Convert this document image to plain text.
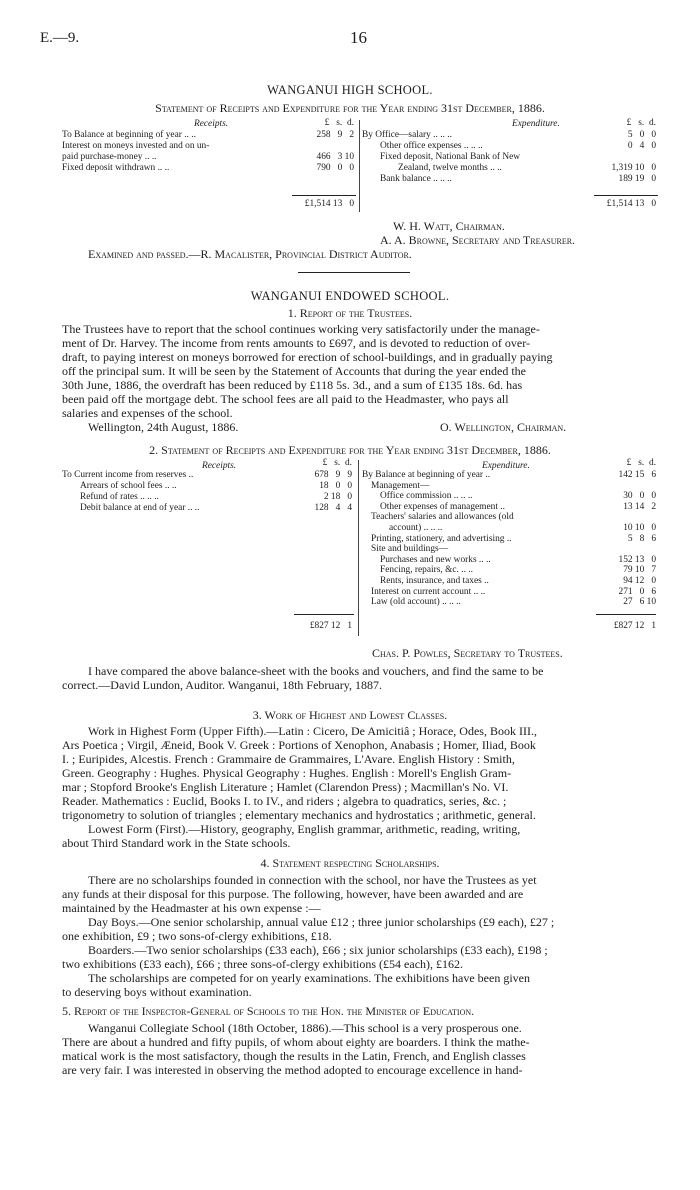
E.—9.	16
WANGANUI HIGH SCHOOL.
Statement of Receipts and Expenditure for the Year ending 31st December, 1886.
Receipts.	£   s.  d.
To Balance at beginning of year .. ..	258   9   2
Interest on moneys invested and on un-
paid purchase-money .. ..	466   3 10
Fixed deposit withdrawn .. ..	790   0   0
£1,514 13   0
Expenditure.	£   s.  d.
By Office—salary .. .. ..	5   0   0
Other office expenses .. .. ..	0   4   0
Fixed deposit, National Bank of New
Zealand, twelve months .. ..	1,319 10   0
Bank balance .. .. ..	189 19   0
£1,514 13   0
W. H. Watt, Chairman.
A. A. Browne, Secretary and Treasurer.
Examined and passed.—R. Macalister, Provincial District Auditor.
WANGANUI ENDOWED SCHOOL.
1. Report of the Trustees.
The Trustees have to report that the school continues working very satisfactorily under the manage-
ment of Dr. Harvey. The income from rents amounts to £697, and is devoted to reduction of over-
draft, to paying interest on moneys borrowed for erection of school-buildings, and in gradually paying
off the principal sum. It will be seen by the Statement of Accounts that during the year ended the
30th June, 1886, the overdraft has been reduced by £118 5s. 3d., and a sum of £135 18s. 6d. has
been paid off the mortgage debt. The school fees are all paid to the Headmaster, who pays all
salaries and expenses of the school.
Wellington, 24th August, 1886.	O. Wellington, Chairman.
2. Statement of Receipts and Expenditure for the Year ending 31st December, 1886.
Receipts.	£   s.  d.
To Current income from reserves ..	678   9   9
Arrears of school fees .. ..	18   0   0
Refund of rates .. .. ..	2 18   0
Debit balance at end of year .. ..	128   4   4
£827 12   1
Expenditure.	£   s.  d.
By Balance at beginning of year ..	142 15   6
Management—
Office commission .. .. ..	30   0   0
Other expenses of management ..	13 14   2
Teachers' salaries and allowances (old
account) .. .. ..	10 10   0
Printing, stationery, and advertising ..	5   8   6
Site and buildings—
Purchases and new works .. ..	152 13   0
Fencing, repairs, &c. .. ..	79 10   7
Rents, insurance, and taxes ..	94 12   0
Interest on current account .. ..	271   0   6
Law (old account) .. .. ..	27   6 10
£827 12   1
Chas. P. Powles, Secretary to Trustees.
I have compared the above balance-sheet with the books and vouchers, and find the same to be
correct.—David Lundon, Auditor. Wanganui, 18th February, 1887.
3. Work of Highest and Lowest Classes.
Work in Highest Form (Upper Fifth).—Latin : Cicero, De Amicitiâ ; Horace, Odes, Book III.,
Ars Poetica ; Virgil, Æneid, Book V. Greek : Portions of Xenophon, Anabasis ; Homer, Iliad, Book
I. ; Euripides, Alcestis. French : Grammaire de Grammaires, L'Avare. English History : Smith,
Green. Geography : Hughes. Physical Geography : Hughes. English : Morell's English Gram-
mar ; Stopford Brooke's English Literature ; Hamlet (Clarendon Press) ; Macmillan's No. VI.
Reader. Mathematics : Euclid, Books I. to IV., and riders ; algebra to quadratics, series, &c. ;
trigonometry to solution of triangles ; elementary mechanics and hydrostatics ; arithmetic, general.
Lowest Form (First).—History, geography, English grammar, arithmetic, reading, writing,
about Third Standard work in the State schools.
4. Statement respecting Scholarships.
There are no scholarships founded in connection with the school, nor have the Trustees as yet
any funds at their disposal for this purpose. The following, however, have been awarded and are
maintained by the Headmaster at his own expense :—
Day Boys.—One senior scholarship, annual value £12 ; three junior scholarships (£9 each), £27 ;
one exhibition, £9 ; two sons-of-clergy exhibitions, £18.
Boarders.—Two senior scholarships (£33 each), £66 ; six junior scholarships (£33 each), £198 ;
two exhibitions (£33 each), £66 ; three sons-of-clergy exhibitions (£54 each), £162.
The scholarships are competed for on yearly examinations. The exhibitions have been given
to deserving boys without examination.
5. Report of the Inspector-General of Schools to the Hon. the Minister of Education.
Wanganui Collegiate School (18th October, 1886).—This school is a very prosperous one.
There are about a hundred and fifty pupils, of whom about eighty are boarders. I think the mathe-
matical work is the most satisfactory, though the results in the Latin, French, and English classes
are very fair. I was interested in observing the method adopted to encourage excellence in hand-
